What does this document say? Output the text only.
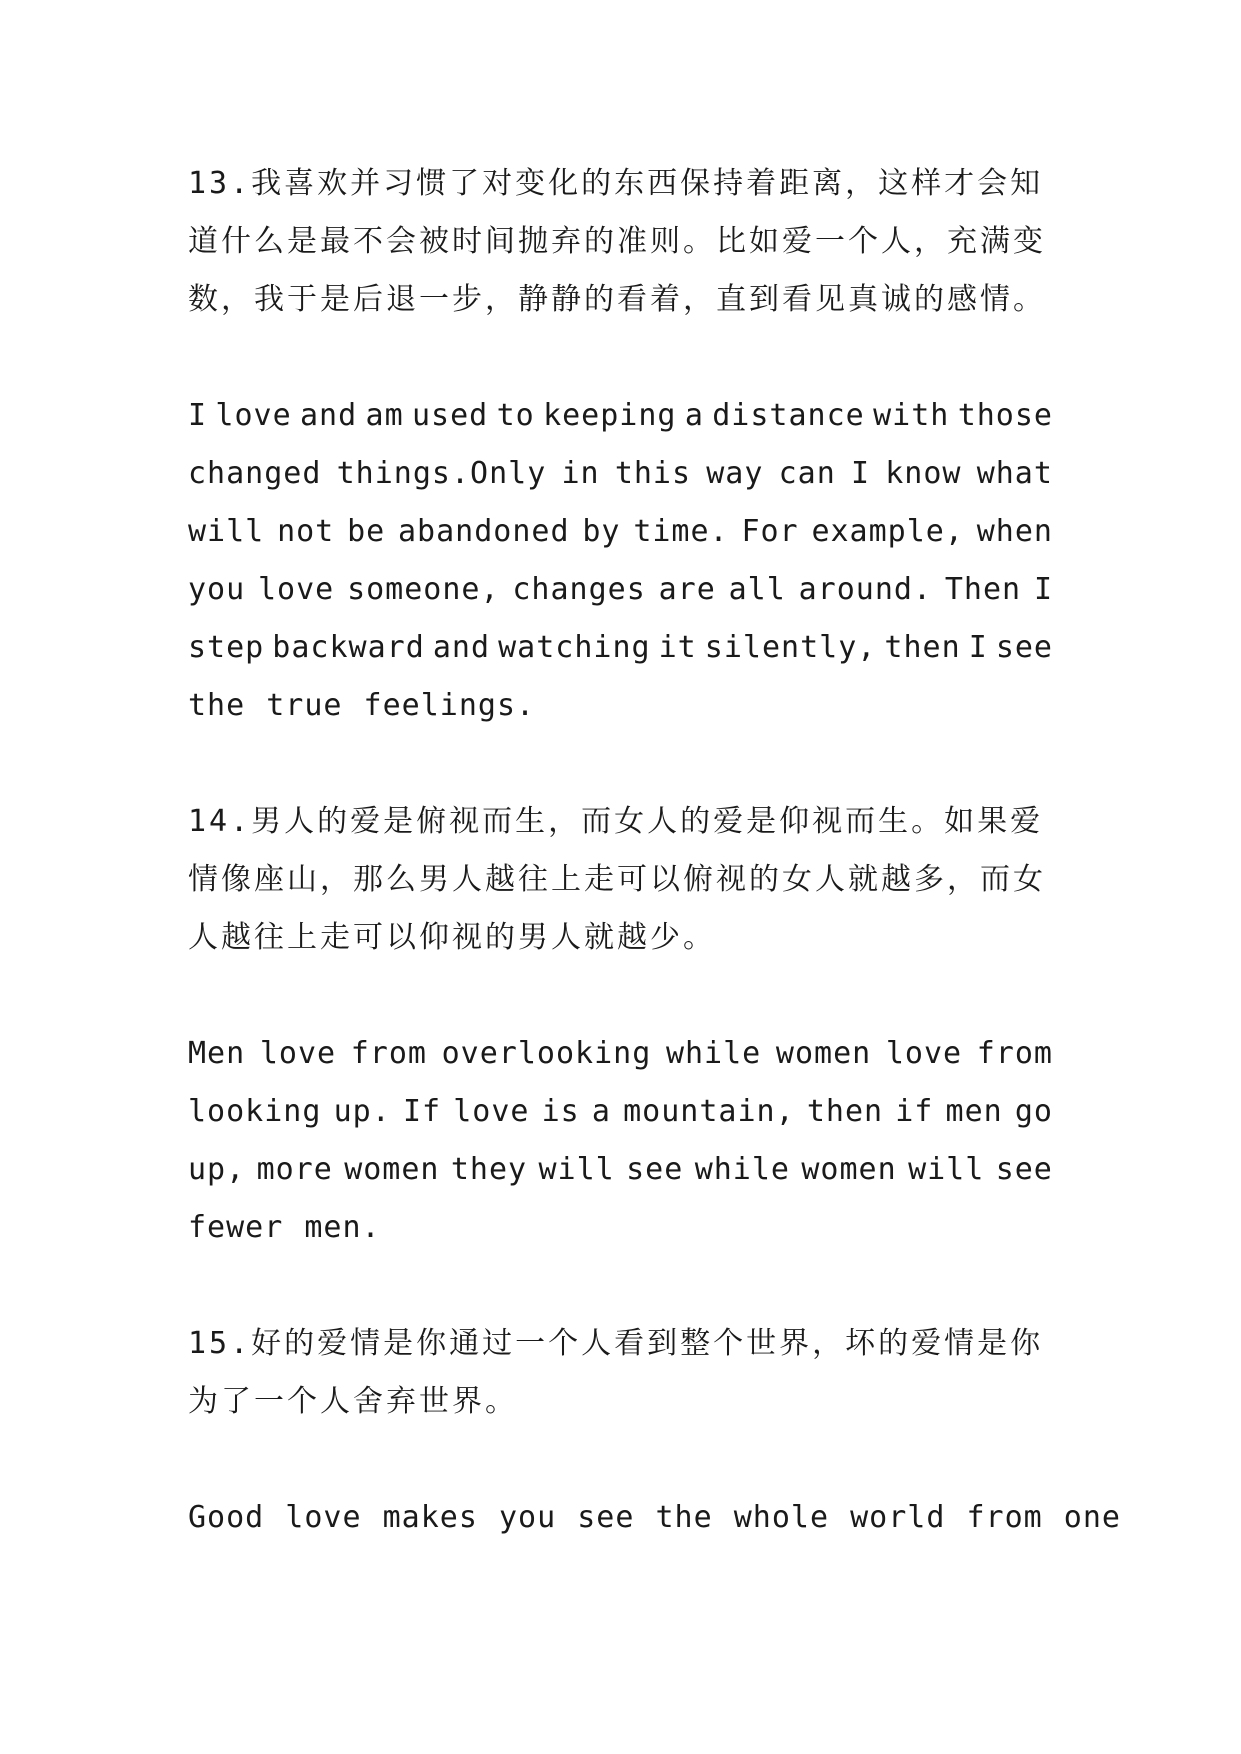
13.我喜欢并习惯了对变化的东西保持着距离，这样才会知
道什么是最不会被时间抛弃的准则。比如爱一个人，充满变
数，我于是后退一步，静静的看着，直到看见真诚的感情。

I love and am used to keeping a distance with those
changed things.Only in this way can I know what
will not be abandoned by time. For example, when
you love someone, changes are all around. Then I
step backward and watching it silently, then I see
the true feelings.

14.男人的爱是俯视而生，而女人的爱是仰视而生。如果爱
情像座山，那么男人越往上走可以俯视的女人就越多，而女
人越往上走可以仰视的男人就越少。

Men love from overlooking while women love from
looking up. If love is a mountain, then if men go
up, more women they will see while women will see
fewer men.

15.好的爱情是你通过一个人看到整个世界，坏的爱情是你
为了一个人舍弃世界。

Good love makes you see the whole world from one
